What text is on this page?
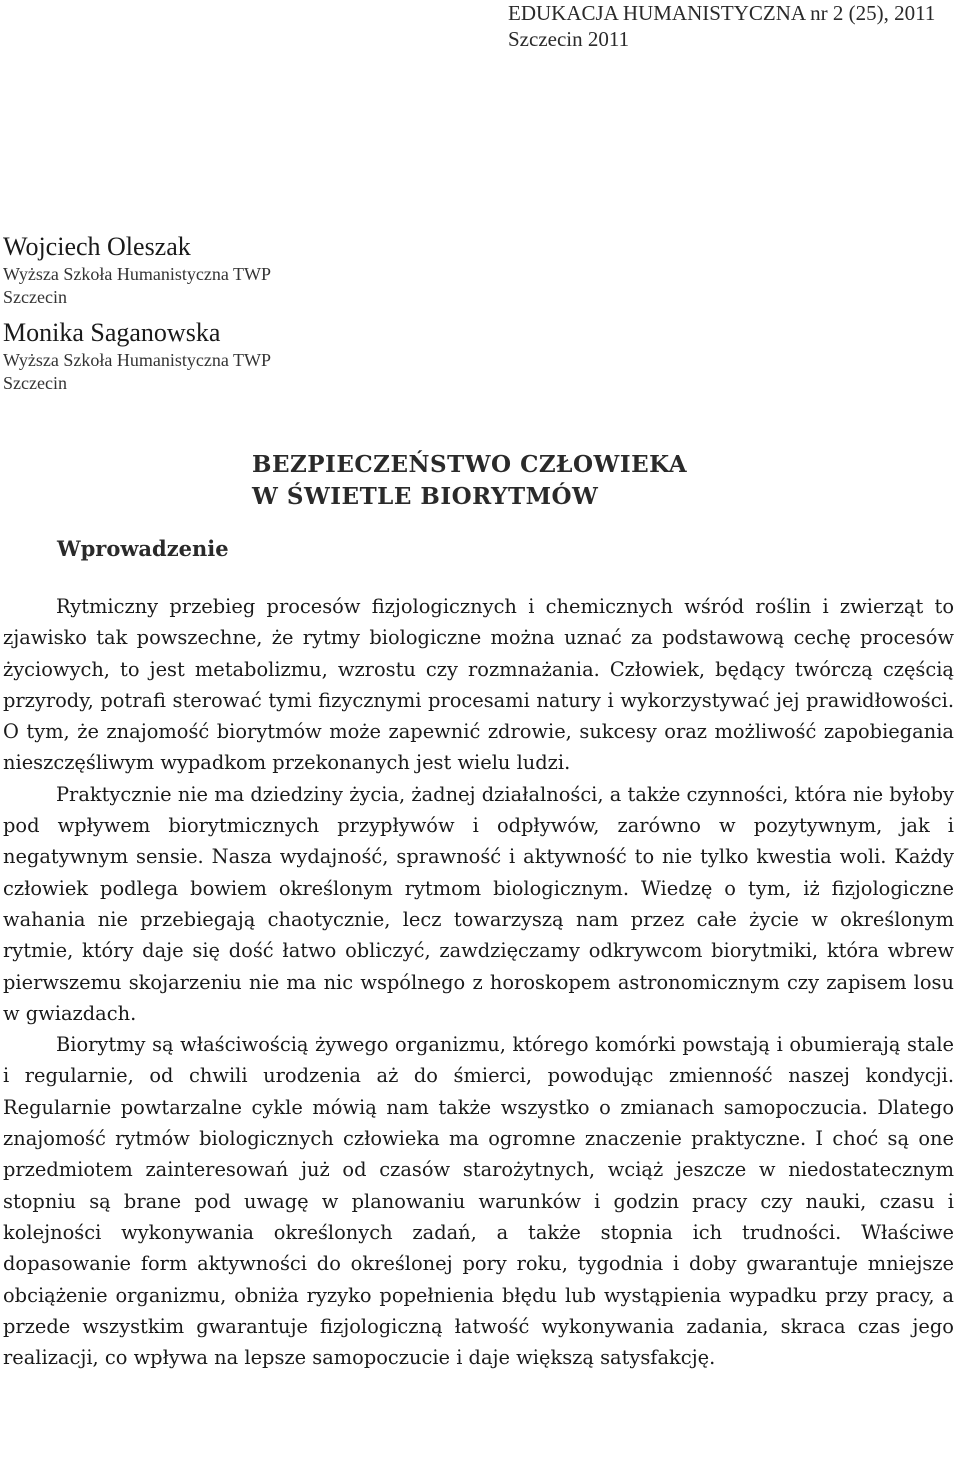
EDUKACJA HUMANISTYCZNA nr 2 (25), 2011
Szczecin 2011
Wojciech Oleszak
Wyższa Szkoła Humanistyczna TWP
Szczecin
Monika Saganowska
Wyższa Szkoła Humanistyczna TWP
Szczecin
BEZPIECZEŃSTWO CZŁOWIEKA
W ŚWIETLE BIORYTMÓW
Wprowadzenie

Rytmiczny przebieg procesów fizjologicznych i chemicznych wśród roślin i zwierząt to zjawisko tak powszechne, że rytmy biologiczne można uznać za podstawową cechę procesów życiowych, to jest metabolizmu, wzrostu czy rozmnażania. Człowiek, będący twórczą częścią przyrody, potrafi sterować tymi fizycznymi procesami natury i wykorzystywać jej prawidłowości. O tym, że znajomość biorytmów może zapewnić zdrowie, sukcesy oraz możliwość zapobiegania nieszczęśliwym wypadkom przekonanych jest wielu ludzi.

Praktycznie nie ma dziedziny życia, żadnej działalności, a także czynności, która nie byłoby pod wpływem biorytmicznych przypływów i odpływów, zarówno w pozytywnym, jak i negatywnym sensie. Nasza wydajność, sprawność i aktywność to nie tylko kwestia woli. Każdy człowiek podlega bowiem określonym rytmom biologicznym. Wiedzę o tym, iż fizjologiczne wahania nie przebiegają chaotycznie, lecz towarzyszą nam przez całe życie w określonym rytmie, który daje się dość łatwo obliczyć, zawdzięczamy odkrywcom biorytmiki, która wbrew pierwszemu skojarzeniu nie ma nic wspólnego z horoskopem astronomicznym czy zapisem losu w gwiazdach.

Biorytmy są właściwością żywego organizmu, którego komórki powstają i obumierają stale i regularnie, od chwili urodzenia aż do śmierci, powodując zmienność naszej kondycji. Regularnie powtarzalne cykle mówią nam także wszystko o zmianach samopoczucia. Dlatego znajomość rytmów biologicznych człowieka ma ogromne znaczenie praktyczne. I choć są one przedmiotem zainteresowań już od czasów starożytnych, wciąż jeszcze w niedostatecznym stopniu są brane pod uwagę w planowaniu warunków i godzin pracy czy nauki, czasu i kolejności wykonywania określonych zadań, a także stopnia ich trudności. Właściwe dopasowanie form aktywności do określonej pory roku, tygodnia i doby gwarantuje mniejsze obciążenie organizmu, obniża ryzyko popełnienia błędu lub wystąpienia wypadku przy pracy, a przede wszystkim gwarantuje fizjologiczną łatwość wykonywania zadania, skraca czas jego realizacji, co wpływa na lepsze samopoczucie i daje większą satysfakcję.
